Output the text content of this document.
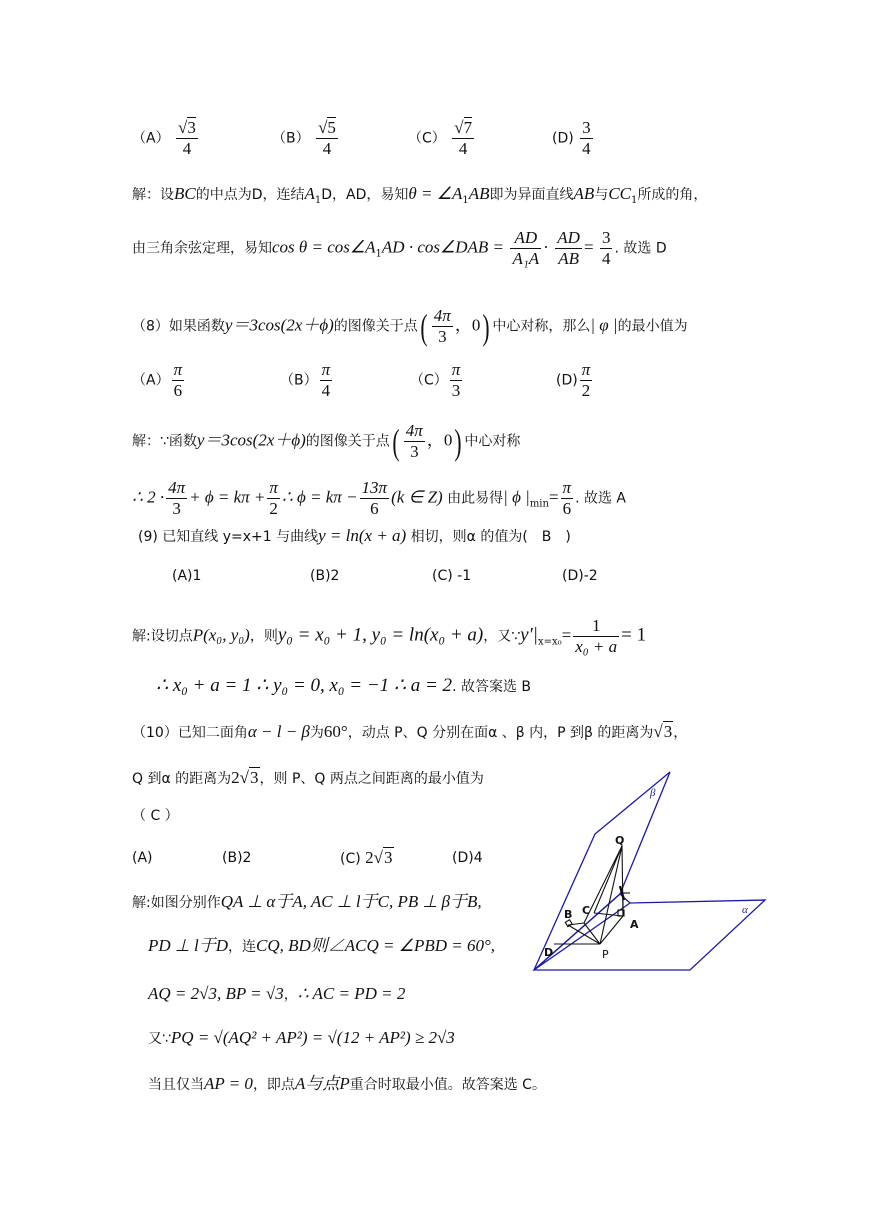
$(A) \frac{√3}{4}$	$(B) \frac{√5}{4}$	$(C) \frac{√7}{4}$	$(D) \frac{3}{4}$
解：设BC的中点为D，连结$A_1D$，AD，易知$\theta = \angle A_1AB$即为异面直线AB与$CC_1$所成的角，
由三角余弦定理，易知$\cos \theta = \cos\angle A_1AD$ · cos∠DAB = $\frac{AD}{\text{A₁A}} \cdot \frac{AD}{AB} = \frac{3}{4}$ . 故选 D
（8）如果函数y＝3cos(2x＋ϕ)的图像关于点( $\frac{4\pi}{3}$ ，0) 中心对称，那么| φ |的最小值为
$(A) \frac{\pi}{6}$	$(B) \frac{\pi}{4}$	$(C) \frac{\pi}{3}$	$(D) \frac{\pi}{2}$
解：∵函数y＝3cos(2x＋ϕ)的图像关于点( $\frac{4\pi}{3}$ ，0) 中心对称
∴ $2 \cdot \frac{4\pi}{3} + \phi = k\pi + \frac{\pi}{2}$ ∴ $\phi = k\pi - \frac{13\pi}{6} (k$ ∈ Z) 由此易得| ϕ $|_{min}= \frac{\pi}{6}$ . 故选 A
(9) 已知直线 y=x+1 与曲线y = ln(x + a) 相切，则α 的值为(　B　)
(A)1	(B)2	(C) -1	(D)-2
解:设切点P(x₀, y₀)，则y₀ = x₀ + 1, y₀ = ln(x₀ + a)，又$\because y'|_{x=x_0}= \frac{1}{\text{x₀ + a}} = 1$
∴ x₀ + a = 1 ∴ y₀ = 0, x₀ = −1 ∴ a = 2. 故答案选 B
（10）已知二面角α − l − β为60°，动点 P、Q 分别在面α 、β 内，P 到β 的距离为√3，
Q 到α 的距离为2√3，则 P、Q 两点之间距离的最小值为
（ C ）
(A)	(B)2	(C) 2√3	(D)4
解:如图分别作QA ⊥ α于A, AC ⊥ l于C, PB ⊥ β于B,
PD ⊥ l于D，连CQ, BD则∠ACQ = ∠PBD = 60°,
AQ = 2√3, BP = √3，∴ AC = PD = 2
又∵PQ = √(AQ² + AP²) = √(12 + AP²) ≥ 2√3
当且仅当AP = 0，即点A与点P重合时取最小值。故答案选 C。
Q
B C
A
D	P
β
α
